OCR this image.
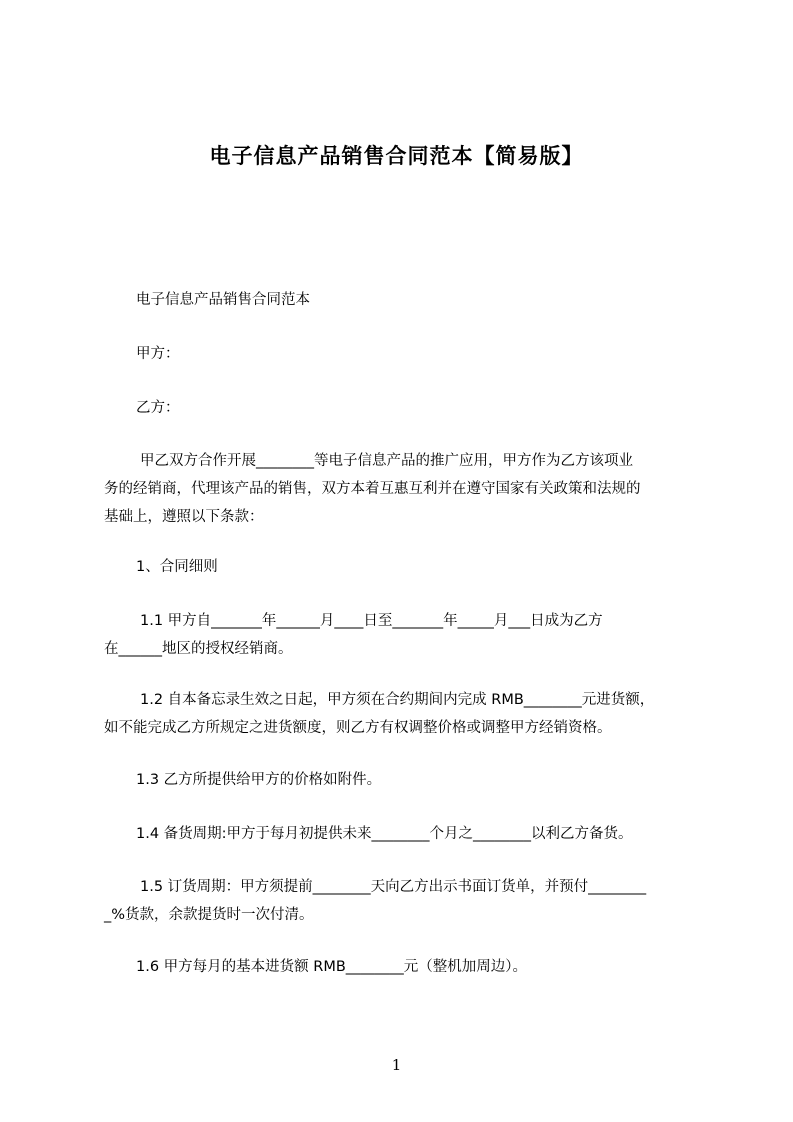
电子信息产品销售合同范本【简易版】
电子信息产品销售合同范本
甲方：
乙方：
甲乙双方合作开展________等电子信息产品的推广应用，甲方作为乙方该项业
务的经销商，代理该产品的销售，双方本着互惠互利并在遵守国家有关政策和法规的
基础上，遵照以下条款：
1、合同细则
1.1 甲方自_______年______月____日至_______年_____月___日成为乙方
在______地区的授权经销商。
1.2 自本备忘录生效之日起，甲方须在合约期间内完成 RMB________元进货额，
如不能完成乙方所规定之进货额度，则乙方有权调整价格或调整甲方经销资格。
1.3 乙方所提供给甲方的价格如附件。
1.4 备货周期:甲方于每月初提供未来________个月之________以利乙方备货。
1.5 订货周期：甲方须提前________天向乙方出示书面订货单，并预付________
_%货款，余款提货时一次付清。
1.6 甲方每月的基本进货额 RMB________元（整机加周边）。
1
